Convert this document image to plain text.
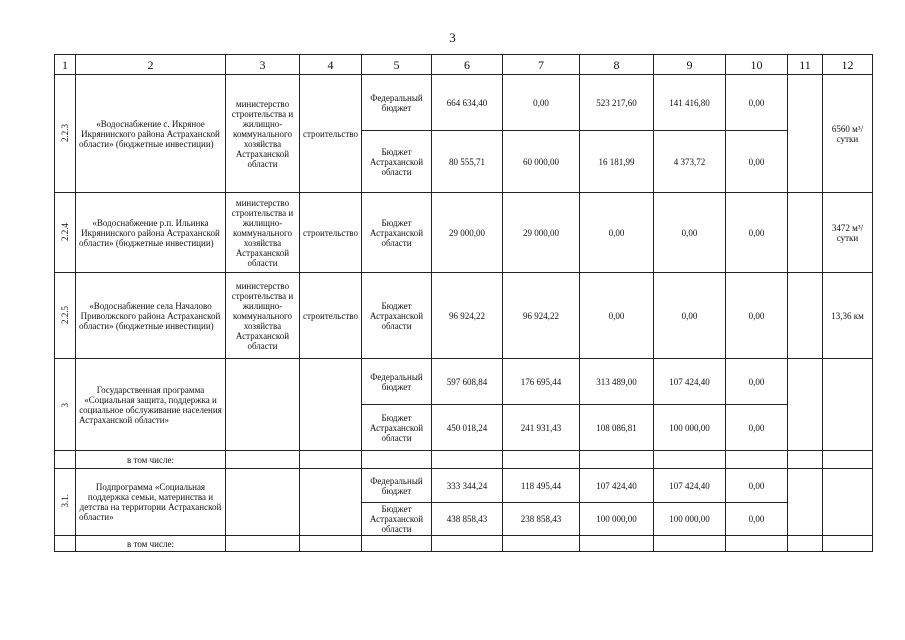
3
1	2	3	4	5	6	7	8	9	10	11	12
2.2.3	«Водоснабжение с. Икряное Икрянинского района Астраханской области» (бюджетные инвестиции)	министерство строительства и жилищно-коммунального хозяйства Астраханской области	строительство	Федеральный бюджет	664 634,40	0,00	523 217,60	141 416,80	0,00		6560 м³/ сутки
				Бюджет Астраханской области	80 555,71	60 000,00	16 181,99	4 373,72	0,00		
2.2.4	«Водоснабжение р.п. Ильинка Икрянинского района Астраханской области» (бюджетные инвестиции)	министерство строительства и жилищно-коммунального хозяйства Астраханской области	строительство	Бюджет Астраханской области	29 000,00	29 000,00	0,00	0,00	0,00		3472 м³/ сутки
2.2.5	«Водоснабжение села Началово Приволжского района Астраханской области» (бюджетные инвестиции)	министерство строительства и жилищно-коммунального хозяйства Астраханской области	строительство	Бюджет Астраханской области	96 924,22	96 924,22	0,00	0,00	0,00		13,36 км
3	Государственная программа «Социальная защита, поддержка и социальное обслуживание населения Астраханской области»			Федеральный бюджет	597 608,84	176 695,44	313 489,00	107 424,40	0,00		
				Бюджет Астраханской области	450 018,24	241 931,43	108 086,81	100 000,00	0,00		
	в том числе:										
3.1.	Подпрограмма «Социальная поддержка семьи, материнства и детства на территории Астраханской области»			Федеральный бюджет	333 344,24	118 495,44	107 424,40	107 424,40	0,00		
				Бюджет Астраханской области	438 858,43	238 858,43	100 000,00	100 000,00	0,00		
	в том числе:										
